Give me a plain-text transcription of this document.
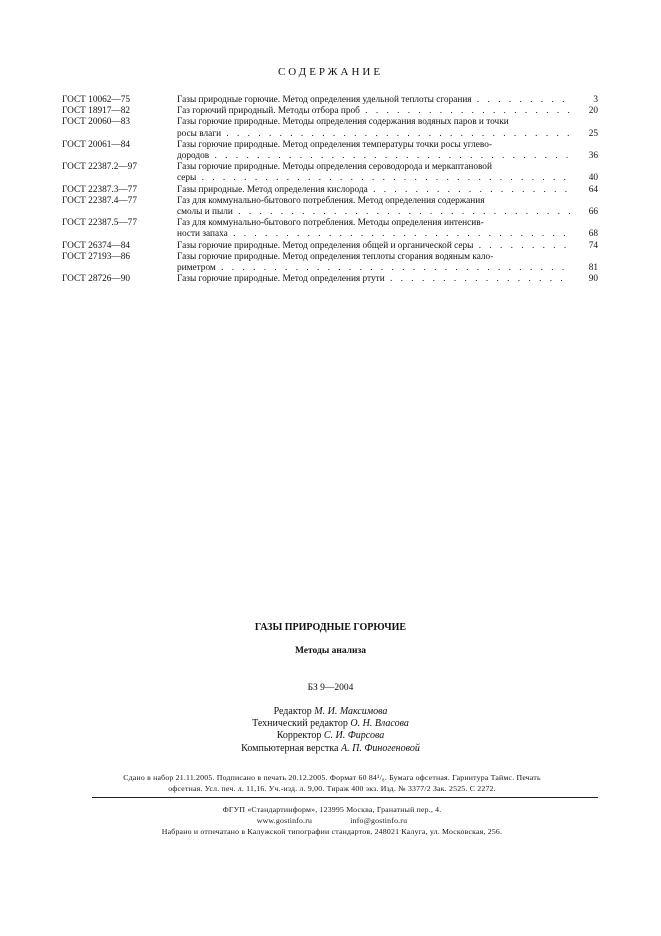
СОДЕРЖАНИЕ
ГОСТ 10062—75	Газы природные горючие. Метод определения удельной теплоты сгорания . . . . . . . . .	3
ГОСТ 18917—82	Газ горючий природный. Методы отбора проб . . . . . . . . . . . . . . . . . . . .	20
ГОСТ 20060—83	Газы горючие природные. Методы определения содержания водяных паров и точки
росы влаги . . . . . . . . . . . . . . . . . . . . . . . . . . . . . . . . .	25
ГОСТ 20061—84	Газы горючие природные. Метод определения температуры точки росы углево-
дородов . . . . . . . . . . . . . . . . . . . . . . . . . . . . . . . . . .	36
ГОСТ 22387.2—97	Газы горючие природные. Методы определения сероводорода и меркаптановой
серы . . . . . . . . . . . . . . . . . . . . . . . . . . . . . . . . . . .	40
ГОСТ 22387.3—77	Газы природные. Метод определения кислорода . . . . . . . . . . . . . . . . . . .	64
ГОСТ 22387.4—77	Газ для коммунально-бытового потребления. Метод определения содержания
смолы и пыли . . . . . . . . . . . . . . . . . . . . . . . . . . . . . . . .	66
ГОСТ 22387.5—77	Газ для коммунально-бытового потребления. Методы определения интенсив-
ности запаха . . . . . . . . . . . . . . . . . . . . . . . . . . . . . . . .	68
ГОСТ 26374—84	Газы горючие природные. Метод определения общей и органической серы . . . . . . . . .	74
ГОСТ 27193—86	Газы горючие природные. Метод определения теплоты сгорания водяным кало-
риметром . . . . . . . . . . . . . . . . . . . . . . . . . . . . . . . . .	81
ГОСТ 28726—90	Газы горючие природные. Метод определения ртути . . . . . . . . . . . . . . . . .	90
ГАЗЫ ПРИРОДНЫЕ ГОРЮЧИЕ
Методы анализа
БЗ 9—2004
Редактор М. И. Максимова
Технический редактор О. Н. Власова
Корректор С. И. Фирсова
Компьютерная верстка А. П. Финогеновой
Сдано в набор 21.11.2005. Подписано в печать 20.12.2005. Формат 60 84¹/₈. Бумага офсетная. Гарнитура Таймс. Печать
офсетная. Усл. печ. л. 11,16. Уч.-изд. л. 9,00. Тираж 400 экз. Изд. № 3377/2 Зак. 2525. С 2272.
ФГУП «Стандартинформ», 123995 Москва, Гранатный пер., 4.
www.gostinfo.ru	info@gostinfo.ru
Набрано и отпечатано в Калужской типографии стандартов, 248021 Калуга, ул. Московская, 256.
